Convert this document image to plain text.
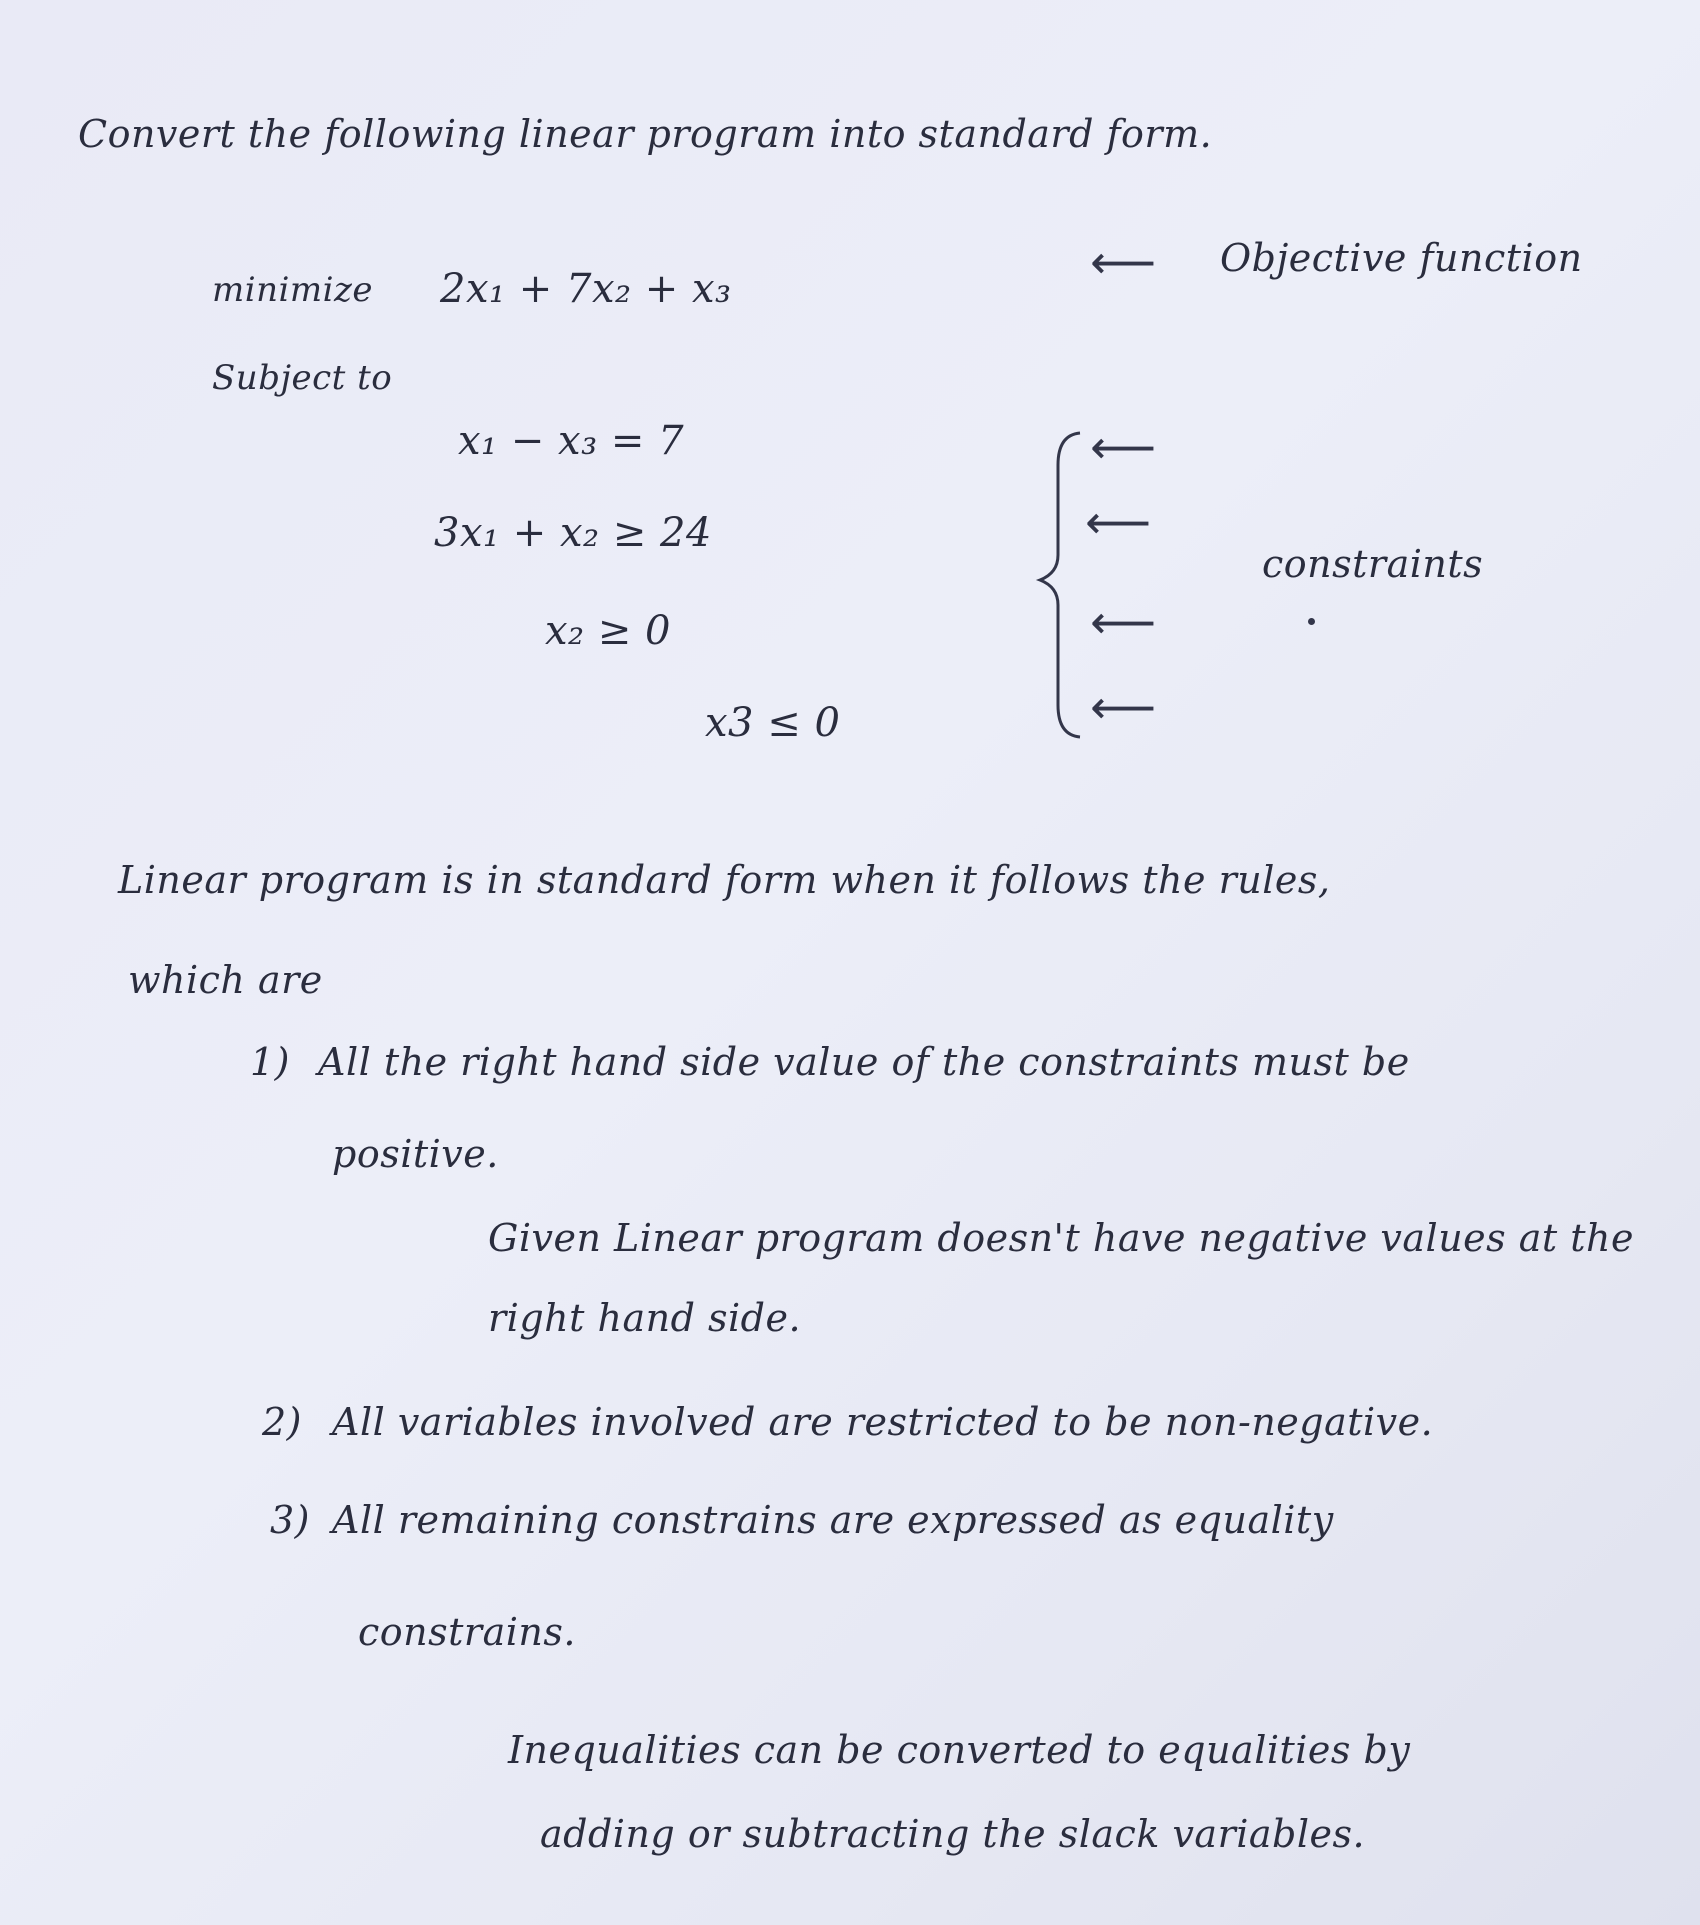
Convert the following linear program into standard form.
minimize 2x₁ + 7x₂ + x₃	⟵ Objective function
Subject to
x₁ − x₃ = 7
3x₁ + x₂ ≥ 24
x₂ ≥ 0
x3 ≤ 0
⟵
⟵
⟵
⟵
constraints
Linear program is in standard form when it follows the rules,
which are
1) All the right hand side value of the constraints must be
positive.
Given Linear program doesn't have negative values at the
right hand side.
2) All variables involved are restricted to be non-negative.
3) All remaining constrains are expressed as equality
constrains.
Inequalities can be converted to equalities by
adding or subtracting the slack variables.
